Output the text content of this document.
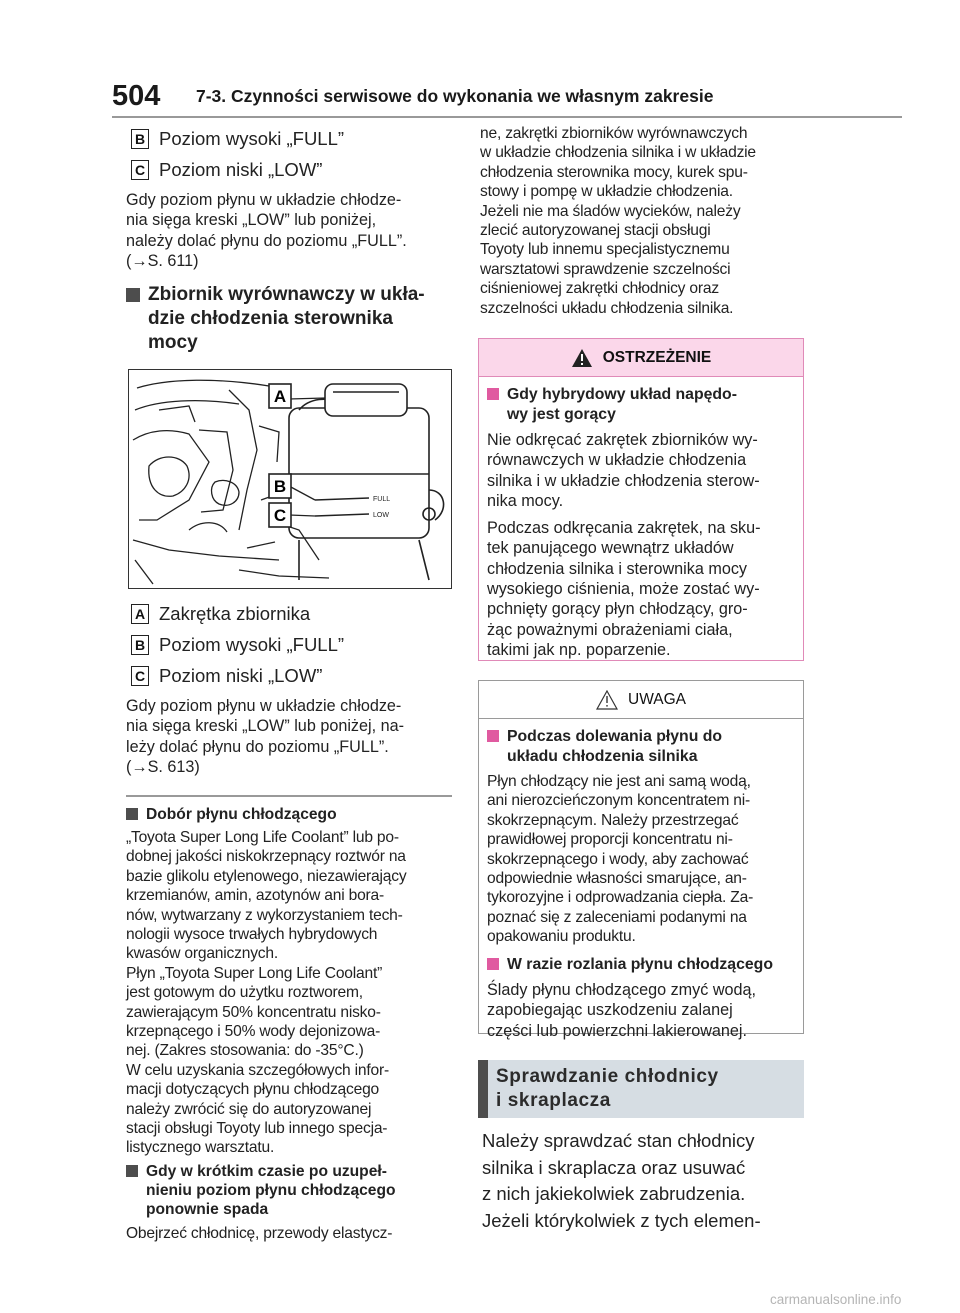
504 7-3. Czynności serwisowe do wykonania we własnym zakresie
B Poziom wysoki „FULL”
C Poziom niski „LOW”
Gdy poziom płynu w układzie chłodze-
nia sięga kreski „LOW” lub poniżej,
należy dolać płynu do poziomu „FULL”.
(→S. 611)
Zbiornik wyrównawczy w ukła-
dzie chłodzenia sterownika
mocy
FULL
LOW
A
B
C
A Zakrętka zbiornika
B Poziom wysoki „FULL”
C Poziom niski „LOW”
Gdy poziom płynu w układzie chłodze-
nia sięga kreski „LOW” lub poniżej, na-
leży dolać płynu do poziomu „FULL”.
(→S. 613)
Dobór płynu chłodzącego
„Toyota Super Long Life Coolant” lub po-
dobnej jakości niskokrzepnący roztwór na
bazie glikolu etylenowego, niezawierający
krzemianów, amin, azotynów ani bora-
nów, wytwarzany z wykorzystaniem tech-
nologii wysoce trwałych hybrydowych
kwasów organicznych.
Płyn „Toyota Super Long Life Coolant”
jest gotowym do użytku roztworem,
zawierającym 50% koncentratu nisko-
krzepnącego i 50% wody dejonizowa-
nej. (Zakres stosowania: do -35°C.)
W celu uzyskania szczegółowych infor-
macji dotyczących płynu chłodzącego
należy zwrócić się do autoryzowanej
stacji obsługi Toyoty lub innego specja-
listycznego warsztatu.
Gdy w krótkim czasie po uzupeł-
nieniu poziom płynu chłodzącego
ponownie spada
Obejrzeć chłodnicę, przewody elastycz-
ne, zakrętki zbiorników wyrównawczych
w układzie chłodzenia silnika i w układzie
chłodzenia sterownika mocy, kurek spu-
stowy i pompę w układzie chłodzenia.
Jeżeli nie ma śladów wycieków, należy
zlecić autoryzowanej stacji obsługi
Toyoty lub innemu specjalistycznemu
warsztatowi sprawdzenie szczelności
ciśnieniowej zakrętki chłodnicy oraz
szczelności układu chłodzenia silnika.
OSTRZEŻENIE
Gdy hybrydowy układ napędo-
wy jest gorący
Nie odkręcać zakrętek zbiorników wy-
równawczych w układzie chłodzenia
silnika i w układzie chłodzenia sterow-
nika mocy.
Podczas odkręcania zakrętek, na sku-
tek panującego wewnątrz układów
chłodzenia silnika i sterownika mocy
wysokiego ciśnienia, może zostać wy-
pchnięty gorący płyn chłodzący, gro-
żąc poważnymi obrażeniami ciała,
takimi jak np. poparzenie.
UWAGA
Podczas dolewania płynu do
układu chłodzenia silnika
Płyn chłodzący nie jest ani samą wodą,
ani nierozcieńczonym koncentratem ni-
skokrzepnącym. Należy przestrzegać
prawidłowej proporcji koncentratu ni-
skokrzepnącego i wody, aby zachować
odpowiednie własności smarujące, an-
tykorozyjne i odprowadzania ciepła. Za-
poznać się z zaleceniami podanymi na
opakowaniu produktu.
W razie rozlania płynu chłodzącego
Ślady płynu chłodzącego zmyć wodą,
zapobiegając uszkodzeniu zalanej
części lub powierzchni lakierowanej.
Sprawdzanie chłodnicy
i skraplacza
Należy sprawdzać stan chłodnicy
silnika i skraplacza oraz usuwać
z nich jakiekolwiek zabrudzenia.
Jeżeli którykolwiek z tych elemen-
carmanualsonline.info
